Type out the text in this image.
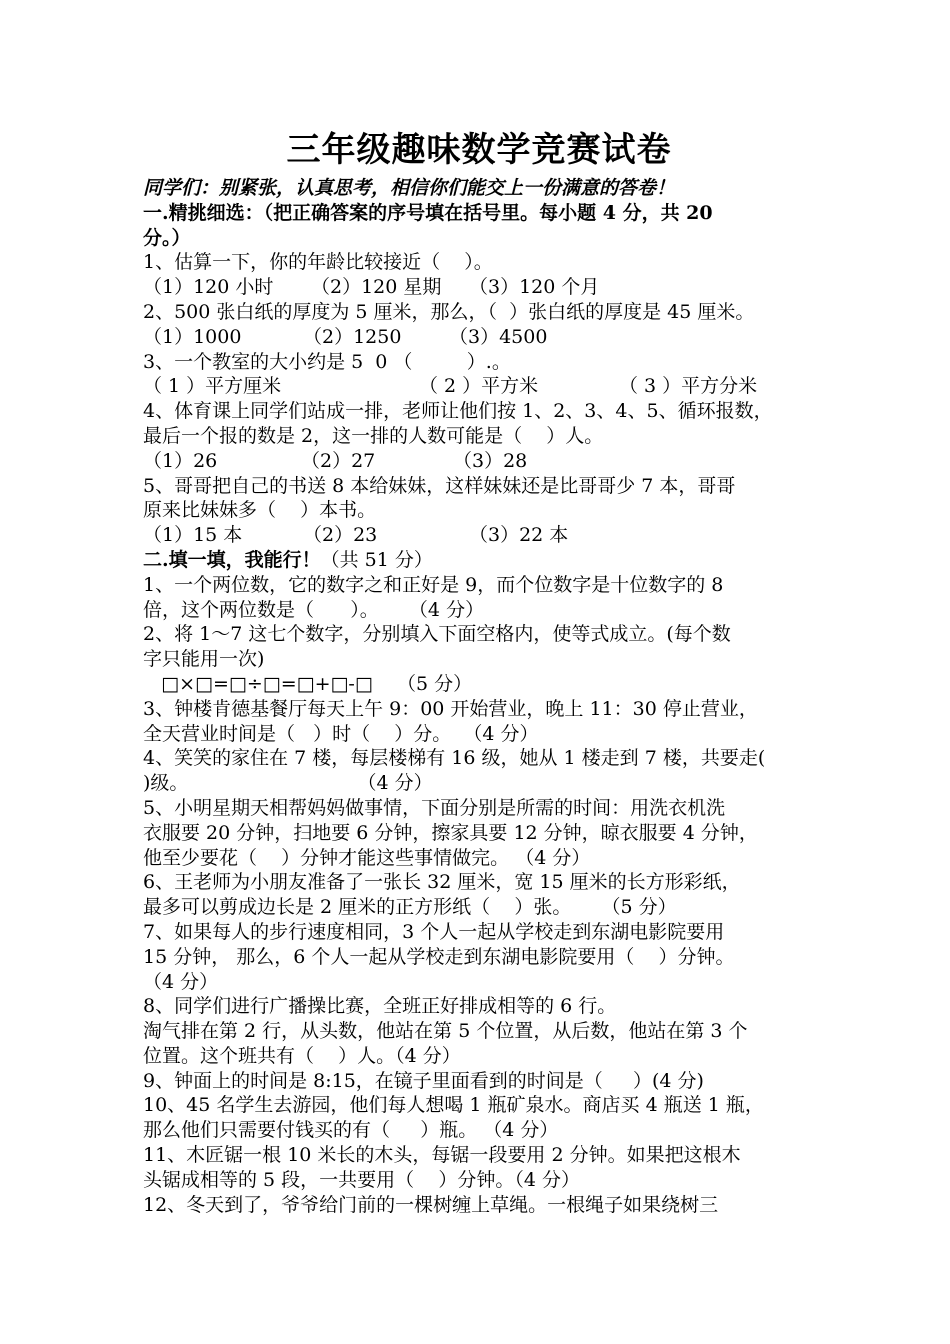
三年级趣味数学竞赛试卷
同学们：别紧张，认真思考，相信你们能交上一份满意的答卷！
一.精挑细选：（把正确答案的序号填在括号里。每小题 4 分，共 20
分。）
1、估算一下，你的年龄比较接近（    ）。
（1）120 小时	（2）120 星期	（3）120 个月
2、500 张白纸的厚度为 5 厘米，那么，（  ）张白纸的厚度是 45 厘米。
（1）1000	（2）1250	（3）4500
3、一个教室的大小约是 5  0 （         ）.。
（ 1 ）平方厘米	（ 2 ）平方米	（ 3 ）平方分米
4、体育课上同学们站成一排，老师让他们按 1、2、3、4、5、循环报数，
最后一个报的数是 2，这一排的人数可能是（    ）人。
（1）26	（2）27	（3）28
5、哥哥把自己的书送 8 本给妹妹，这样妹妹还是比哥哥少 7 本，哥哥
原来比妹妹多（    ）本书。
（1）15 本	（2）23	（3）22 本
二.填一填，我能行！（共 51 分）
1、一个两位数，它的数字之和正好是 9，而个位数字是十位数字的 8
倍，这个两位数是（      ）。     （4 分）
2、将 1～7 这七个数字，分别填入下面空格内，使等式成立。(每个数
字只能用一次)
□×□=□÷□=□+□-□    （5 分）
3、钟楼肯德基餐厅每天上午 9：00 开始营业，晚上 11：30 停止营业，
全天营业时间是（   ）时（    ）分。  （4 分）
4、笑笑的家住在 7 楼，每层楼梯有 16 级，她从 1 楼走到 7 楼，共要走(
)级。                            （4 分）
5、小明星期天相帮妈妈做事情，下面分别是所需的时间：用洗衣机洗
衣服要 20 分钟，扫地要 6 分钟，擦家具要 12 分钟，晾衣服要 4 分钟，
他至少要花（    ）分钟才能这些事情做完。 （4 分）
6、王老师为小朋友准备了一张长 32 厘米，宽 15 厘米的长方形彩纸，
最多可以剪成边长是 2 厘米的正方形纸（    ）张。     （5 分）
7、如果每人的步行速度相同，3 个人一起从学校走到东湖电影院要用
15 分钟， 那么，6 个人一起从学校走到东湖电影院要用（    ）分钟。
（4 分）
8、同学们进行广播操比赛，全班正好排成相等的 6 行。
淘气排在第 2 行，从头数，他站在第 5 个位置，从后数，他站在第 3 个
位置。这个班共有（    ）人。（4 分）
9、钟面上的时间是 8:15，在镜子里面看到的时间是（     ）(4 分)
10、45 名学生去游园，他们每人想喝 1 瓶矿泉水。商店买 4 瓶送 1 瓶，
那么他们只需要付钱买的有（     ）瓶。 （4 分）
11、木匠锯一根 10 米长的木头，每锯一段要用 2 分钟。如果把这根木
头锯成相等的 5 段，一共要用（    ）分钟。（4 分）
12、冬天到了，爷爷给门前的一棵树缠上草绳。一根绳子如果绕树三
